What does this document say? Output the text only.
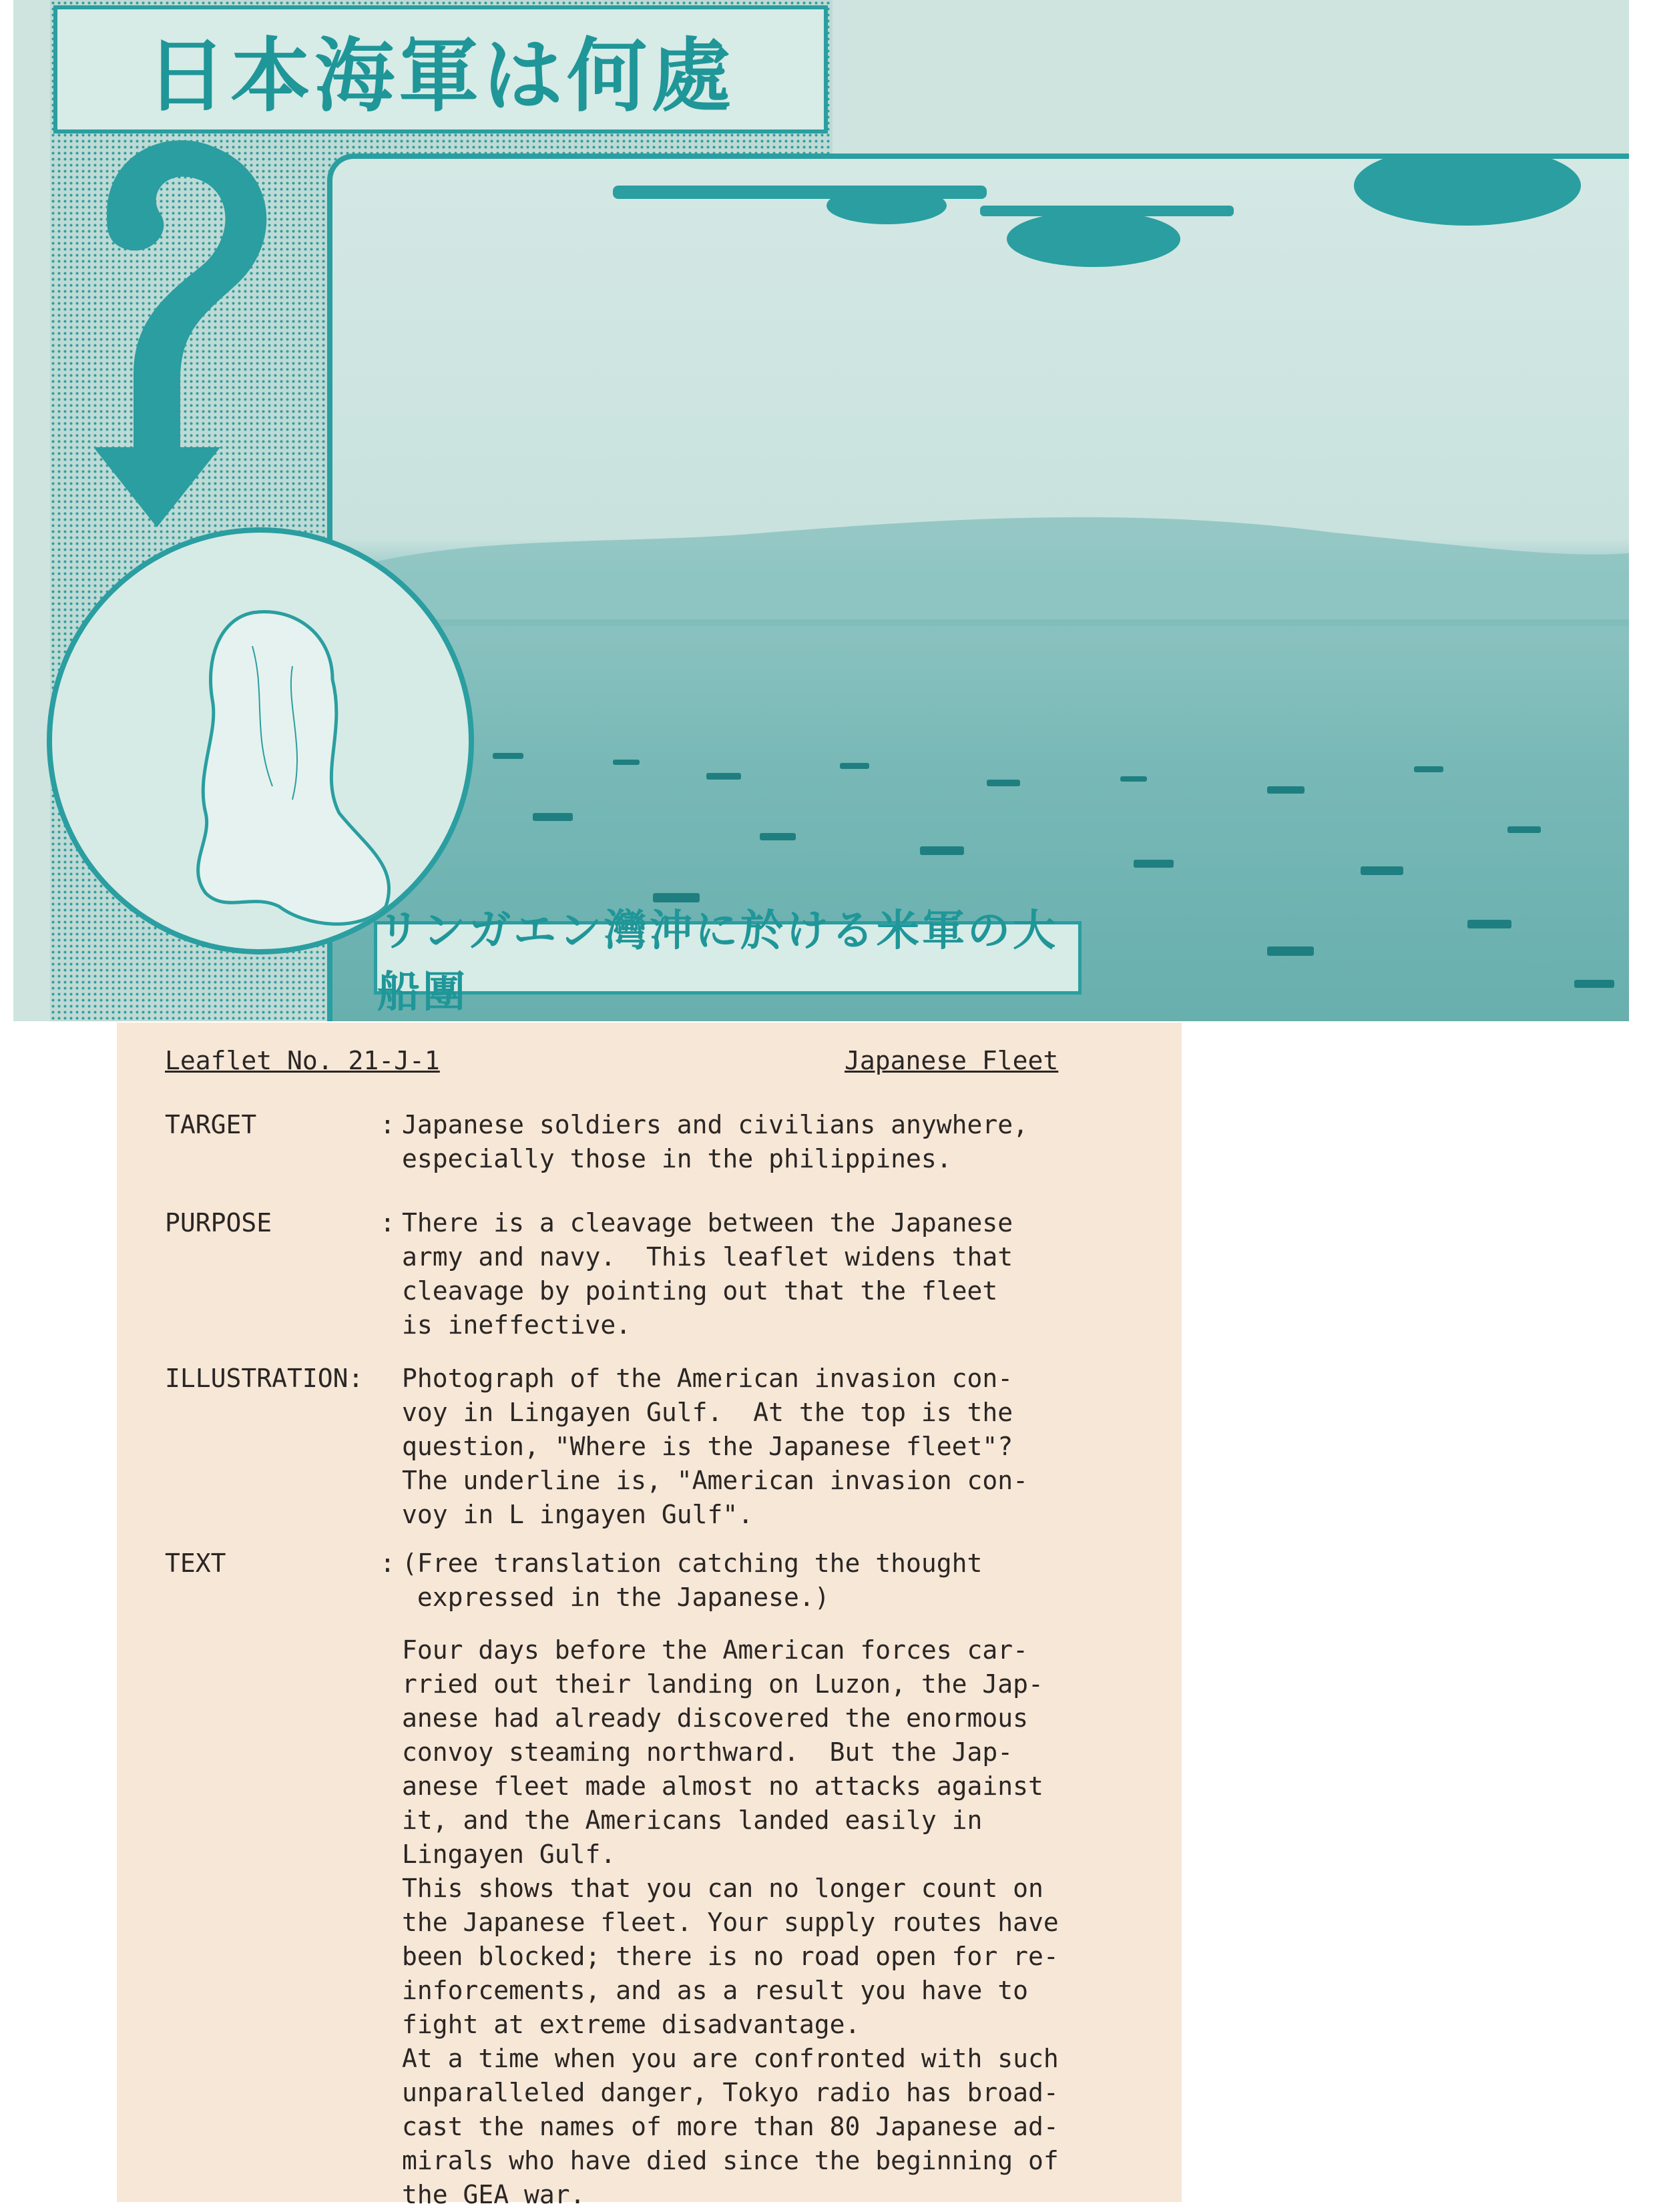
日本海軍は何處
リンガエン灣沖に於ける米軍の大船團
Leaflet No. 21-J-1	Japanese Fleet
TARGET	: Japanese soldiers and civilians anywhere,
especially those in the philippines.
PURPOSE	: There is a cleavage between the Japanese
army and navy.  This leaflet widens that
cleavage by pointing out that the fleet
is ineffective.
ILLUSTRATION: Photograph of the American invasion con-
voy in Lingayen Gulf.  At the top is the
question, "Where is the Japanese fleet"?
The underline is, "American invasion con-
voy in L ingayen Gulf".
TEXT	: (Free translation catching the thought
expressed in the Japanese.)
Four days before the American forces car-
rried out their landing on Luzon, the Jap-
anese had already discovered the enormous
convoy steaming northward.  But the Jap-
anese fleet made almost no attacks against
it, and the Americans landed easily in
Lingayen Gulf.
This shows that you can no longer count on
the Japanese fleet. Your supply routes have
been blocked; there is no road open for re-
inforcements, and as a result you have to
fight at extreme disadvantage.
At a time when you are confronted with such
unparalleled danger, Tokyo radio has broad-
cast the names of more than 80 Japanese ad-
mirals who have died since the beginning of
the GEA war.
